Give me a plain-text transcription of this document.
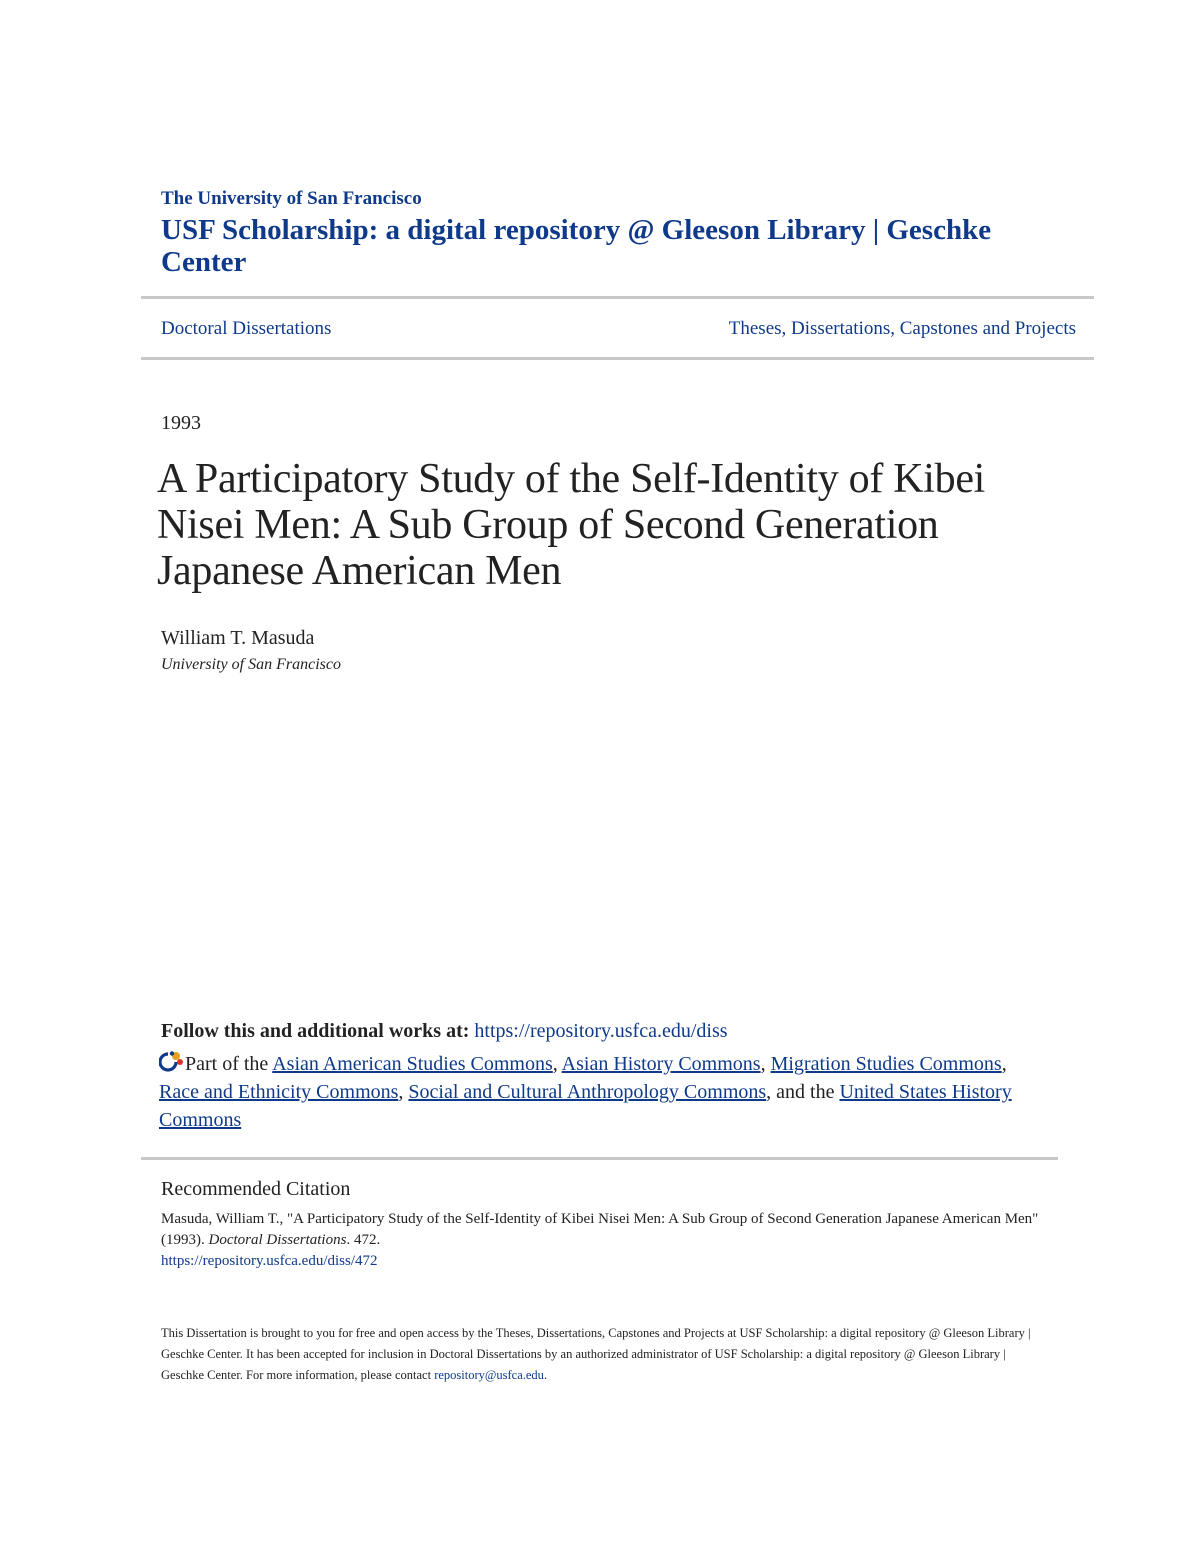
The University of San Francisco
USF Scholarship: a digital repository @ Gleeson Library | Geschke Center
Doctoral Dissertations	Theses, Dissertations, Capstones and Projects
1993
A Participatory Study of the Self-Identity of Kibei Nisei Men: A Sub Group of Second Generation Japanese American Men
William T. Masuda
University of San Francisco
Follow this and additional works at: https://repository.usfca.edu/diss
Part of the Asian American Studies Commons, Asian History Commons, Migration Studies Commons, Race and Ethnicity Commons, Social and Cultural Anthropology Commons, and the United States History Commons
Recommended Citation
Masuda, William T., "A Participatory Study of the Self-Identity of Kibei Nisei Men: A Sub Group of Second Generation Japanese American Men" (1993). Doctoral Dissertations. 472.
https://repository.usfca.edu/diss/472
This Dissertation is brought to you for free and open access by the Theses, Dissertations, Capstones and Projects at USF Scholarship: a digital repository @ Gleeson Library | Geschke Center. It has been accepted for inclusion in Doctoral Dissertations by an authorized administrator of USF Scholarship: a digital repository @ Gleeson Library | Geschke Center. For more information, please contact repository@usfca.edu.
